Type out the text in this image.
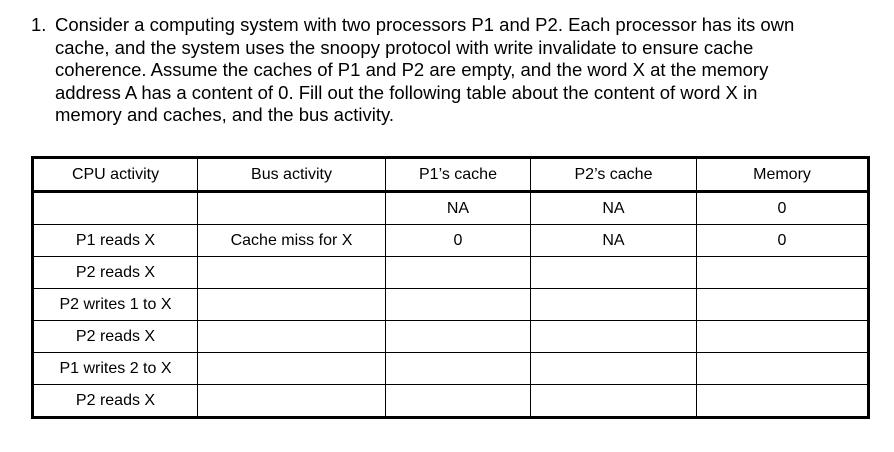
1. Consider a computing system with two processors P1 and P2. Each processor has its own
cache, and the system uses the snoopy protocol with write invalidate to ensure cache
coherence. Assume the caches of P1 and P2 are empty, and the word X at the memory
address A has a content of 0. Fill out the following table about the content of word X in
memory and caches, and the bus activity.
CPU activity	Bus activity	P1’s cache	P2’s cache	Memory
		NA	NA	0
P1 reads X	Cache miss for X	0	NA	0
P2 reads X				
P2 writes 1 to X				
P2 reads X				
P1 writes 2 to X				
P2 reads X				
